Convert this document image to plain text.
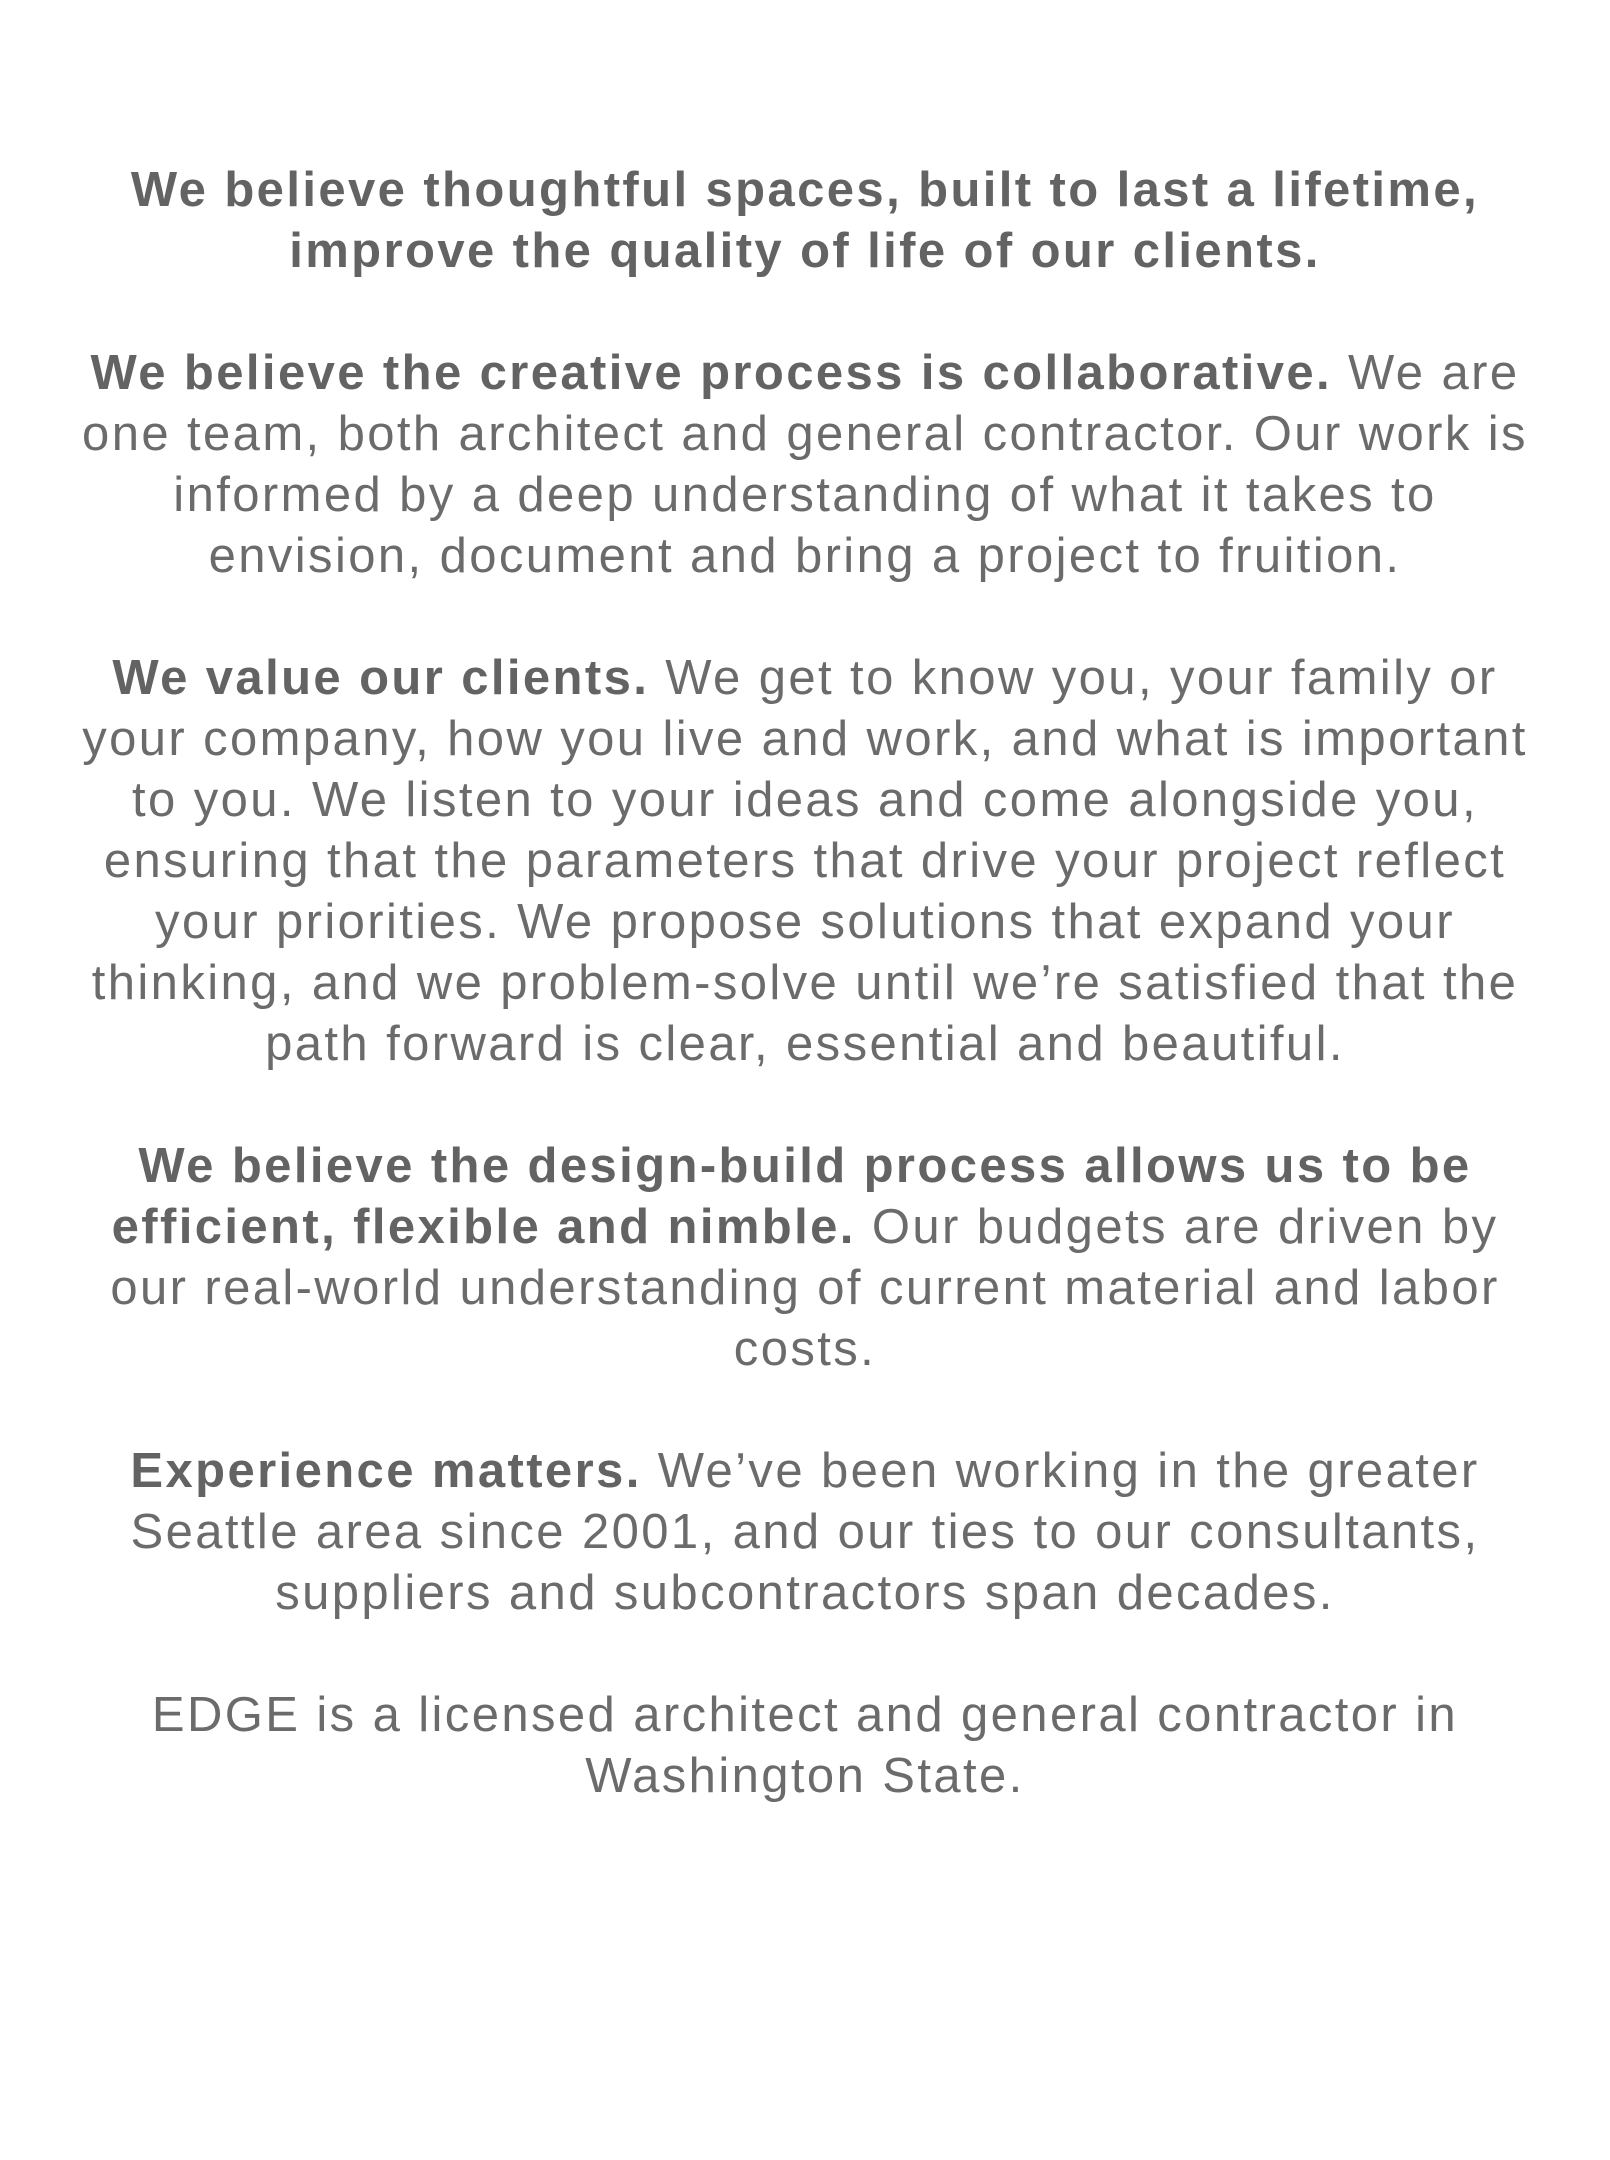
We believe thoughtful spaces, built to last a lifetime, improve the quality of life of our clients.

We believe the creative process is collaborative. We are one team, both architect and general contractor. Our work is informed by a deep understanding of what it takes to envision, document and bring a project to fruition.

We value our clients. We get to know you, your family or your company, how you live and work, and what is important to you. We listen to your ideas and come alongside you, ensuring that the parameters that drive your project reflect your priorities. We propose solutions that expand your thinking, and we problem-solve until we’re satisfied that the path forward is clear, essential and beautiful.

We believe the design-build process allows us to be efficient, flexible and nimble. Our budgets are driven by our real-world understanding of current material and labor costs.

Experience matters. We’ve been working in the greater Seattle area since 2001, and our ties to our consultants, suppliers and subcontractors span decades.

EDGE is a licensed architect and general contractor in Washington State.
